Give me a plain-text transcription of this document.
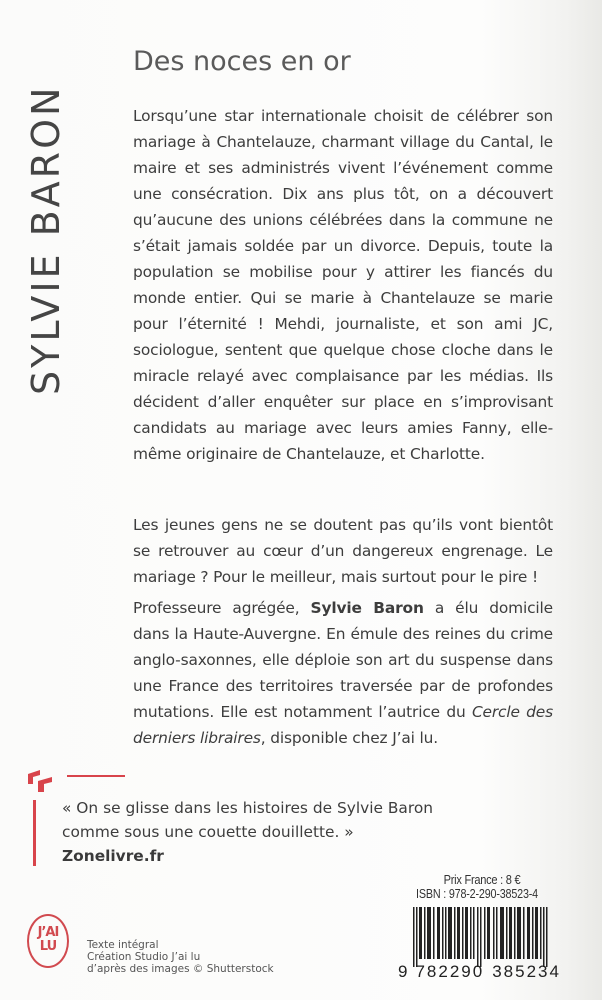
SYLVIE BARON
Des noces en or

Lorsqu’une star internationale choisit de célébrer son mariage à Chantelauze, charmant village du Cantal, le maire et ses administrés vivent l’événement comme une consécration. Dix ans plus tôt, on a découvert qu’aucune des unions célébrées dans la commune ne s’était jamais soldée par un divorce. Depuis, toute la population se mobilise pour y attirer les fiancés du monde entier. Qui se marie à Chantelauze se marie pour l’éternité ! Mehdi, journaliste, et son ami JC, sociologue, sentent que quelque chose cloche dans le miracle relayé avec complaisance par les médias. Ils décident d’aller enquêter sur place en s’improvisant candidats au mariage avec leurs amies Fanny, elle-même originaire de Chantelauze, et Charlotte.

Les jeunes gens ne se doutent pas qu’ils vont bientôt se retrouver au cœur d’un dangereux engrenage. Le mariage ? Pour le meilleur, mais surtout pour le pire !

Professeure agrégée, Sylvie Baron a élu domicile dans la Haute-Auvergne. En émule des reines du crime anglo-saxonnes, elle déploie son art du suspense dans une France des territoires traversée par de profondes mutations. Elle est notamment l’autrice du Cercle des derniers libraires, disponible chez J’ai lu.

« On se glisse dans les histoires de Sylvie Baron comme sous une couette douillette. »
Zonelivre.fr
J’AI
LU	Texte intégral
Création Studio J’ai lu
d’après des images © Shutterstock
Prix France : 8 €
ISBN : 978-2-290-38523-4
9 782290 385234
